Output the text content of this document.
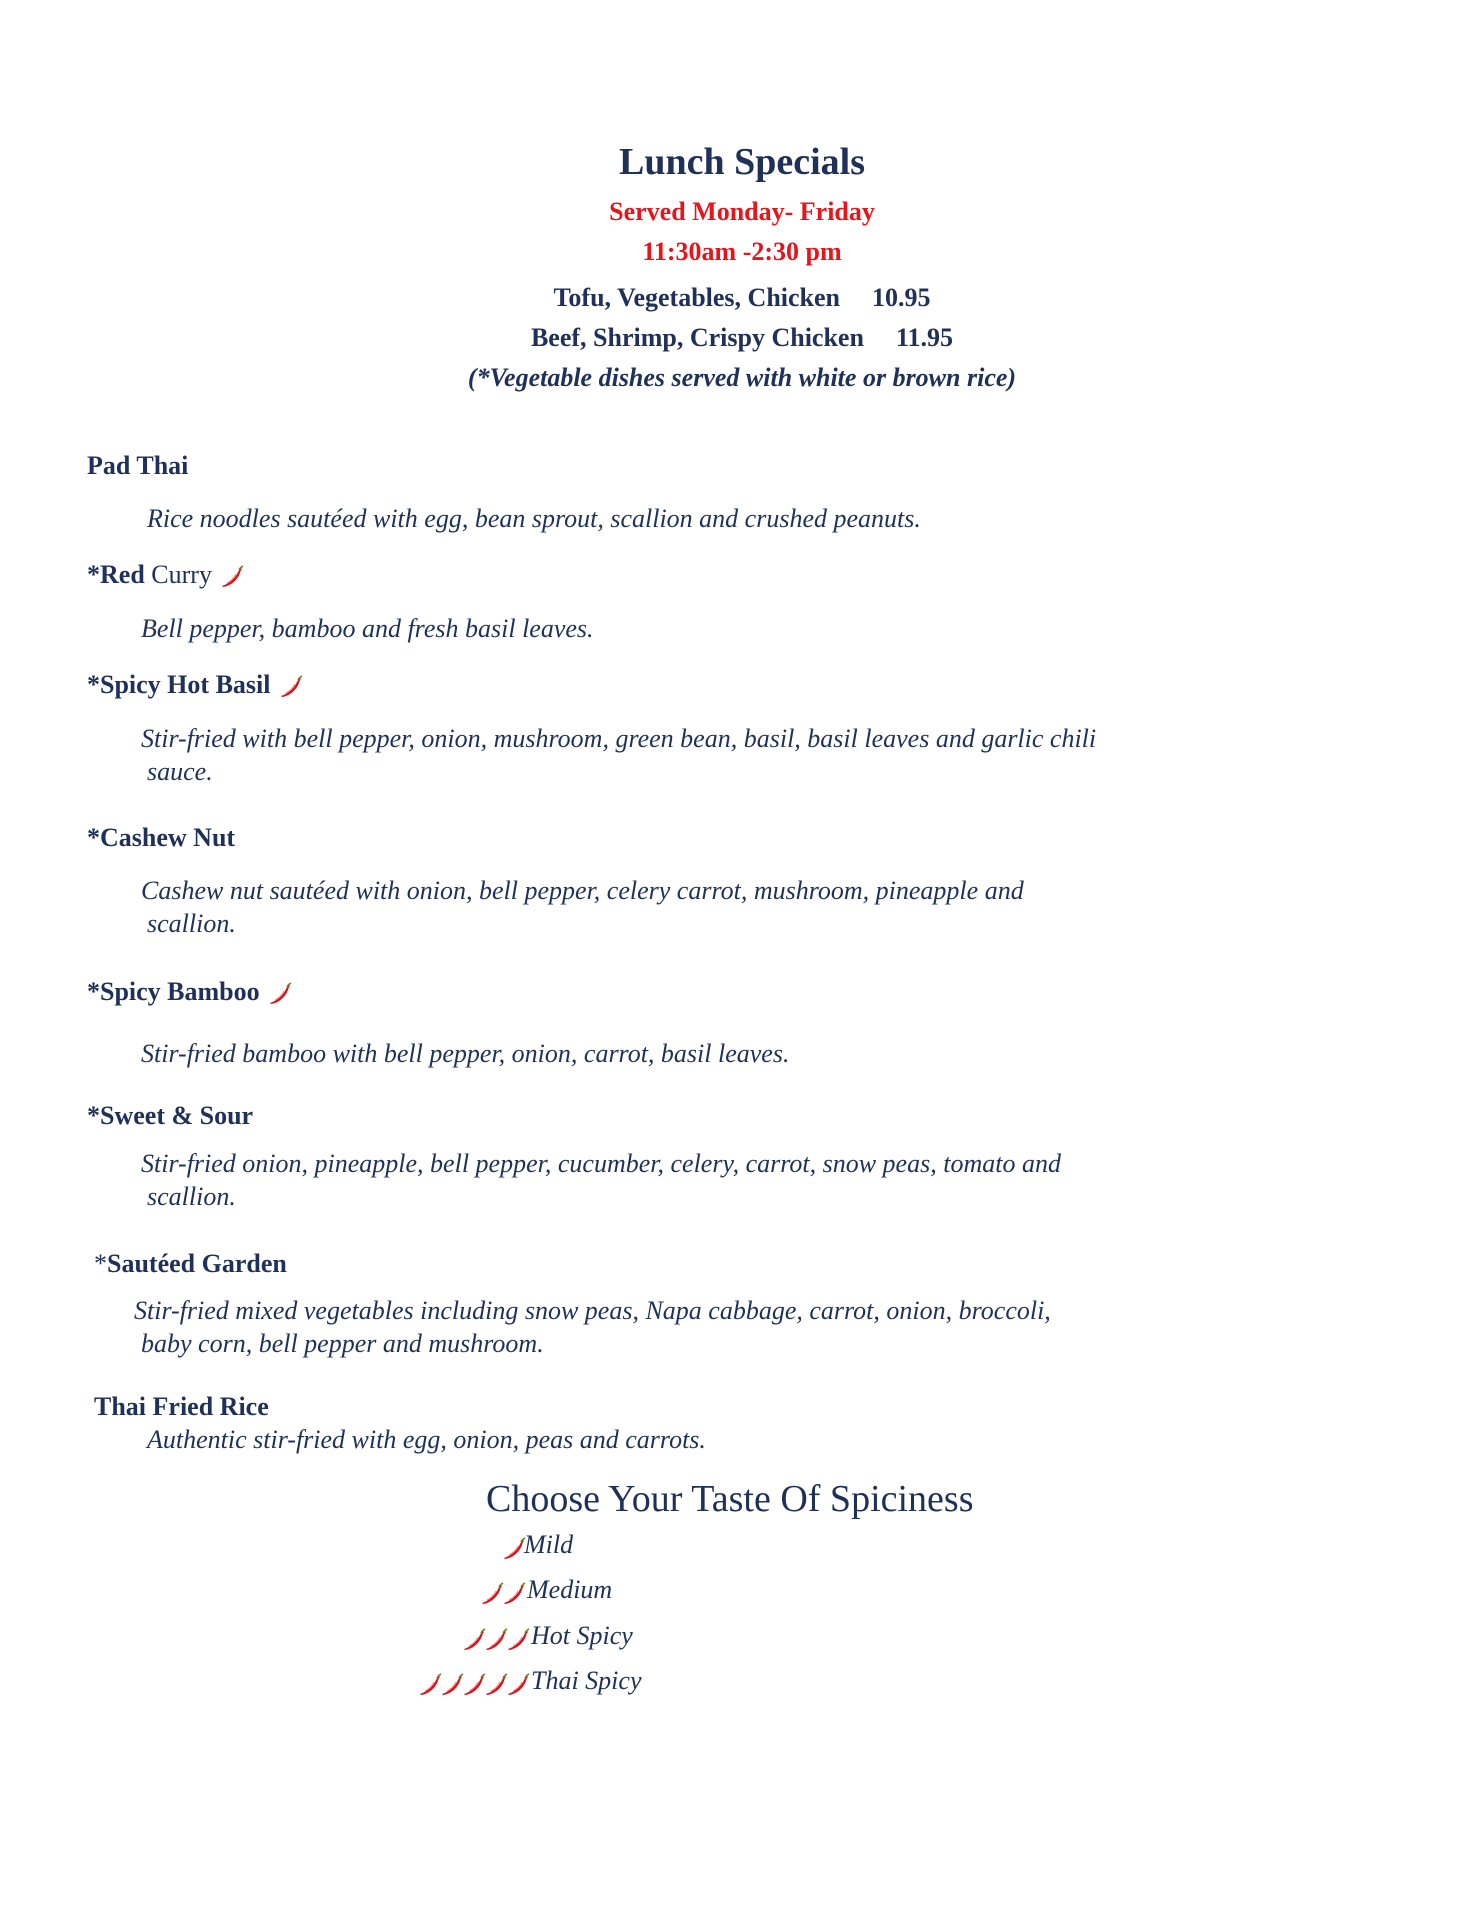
Lunch Specials
Served Monday- Friday
11:30am -2:30 pm
Tofu, Vegetables, Chicken 10.95
Beef, Shrimp, Crispy Chicken 11.95
(*Vegetable dishes served with white or brown rice)
Pad Thai
Rice noodles sautéed with egg, bean sprout, scallion and crushed peanuts.
*Red Curry
Bell pepper, bamboo and fresh basil leaves.
*Spicy Hot Basil
Stir-fried with bell pepper, onion, mushroom, green bean, basil, basil leaves and garlic chili
sauce.
*Cashew Nut
Cashew nut sautéed with onion, bell pepper, celery carrot, mushroom, pineapple and
scallion.
*Spicy Bamboo
Stir-fried bamboo with bell pepper, onion, carrot, basil leaves.
*Sweet & Sour
Stir-fried onion, pineapple, bell pepper, cucumber, celery, carrot, snow peas, tomato and
scallion.
*Sautéed Garden
Stir-fried mixed vegetables including snow peas, Napa cabbage, carrot, onion, broccoli,
baby corn, bell pepper and mushroom.
Thai Fried Rice
Authentic stir-fried with egg, onion, peas and carrots.
Choose Your Taste Of Spiciness
Mild
Medium
Hot Spicy
Thai Spicy
